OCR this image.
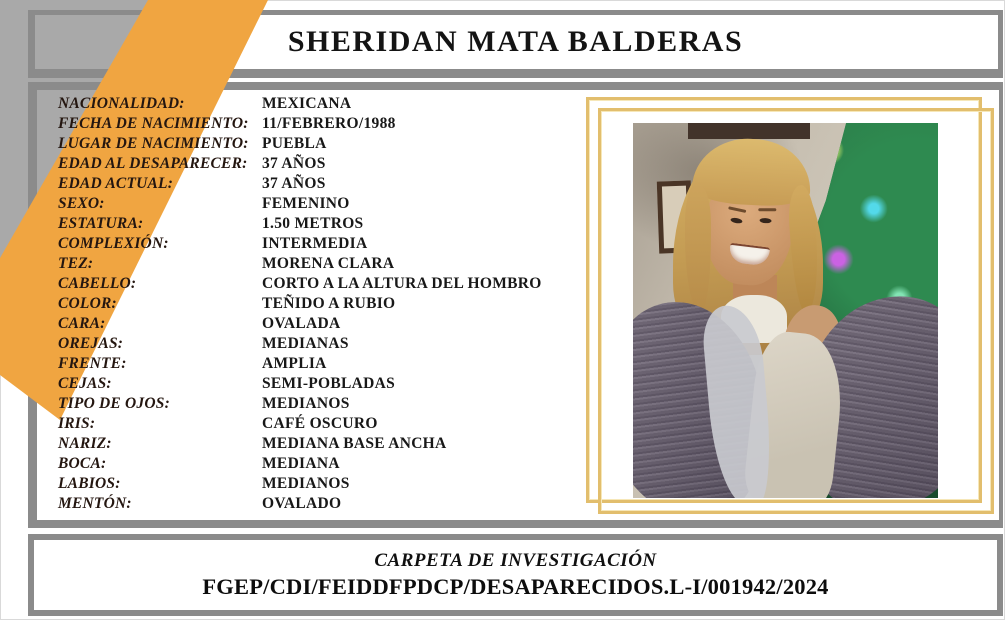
SHERIDAN MATA BALDERAS
NACIONALIDAD:	MEXICANA
FECHA DE NACIMIENTO: 11/FEBRERO/1988
LUGAR DE NACIMIENTO: PUEBLA
EDAD AL DESAPARECER: 37 AÑOS
EDAD ACTUAL:	37 AÑOS
SEXO:	FEMENINO
ESTATURA:	1.50 METROS
COMPLEXIÓN:	INTERMEDIA
TEZ:	MORENA CLARA
CABELLO:	CORTO A LA ALTURA DEL HOMBRO
COLOR:	TEÑIDO A RUBIO
CARA:	OVALADA
OREJAS:	MEDIANAS
FRENTE:	AMPLIA
CEJAS:	SEMI-POBLADAS
TIPO DE OJOS:	MEDIANOS
IRIS:	CAFÉ OSCURO
NARIZ:	MEDIANA BASE ANCHA
BOCA:	MEDIANA
LABIOS:	MEDIANOS
MENTÓN:	OVALADO
CARPETA DE INVESTIGACIÓN
FGEP/CDI/FEIDDFPDCP/DESAPARECIDOS.L-I/001942/2024
